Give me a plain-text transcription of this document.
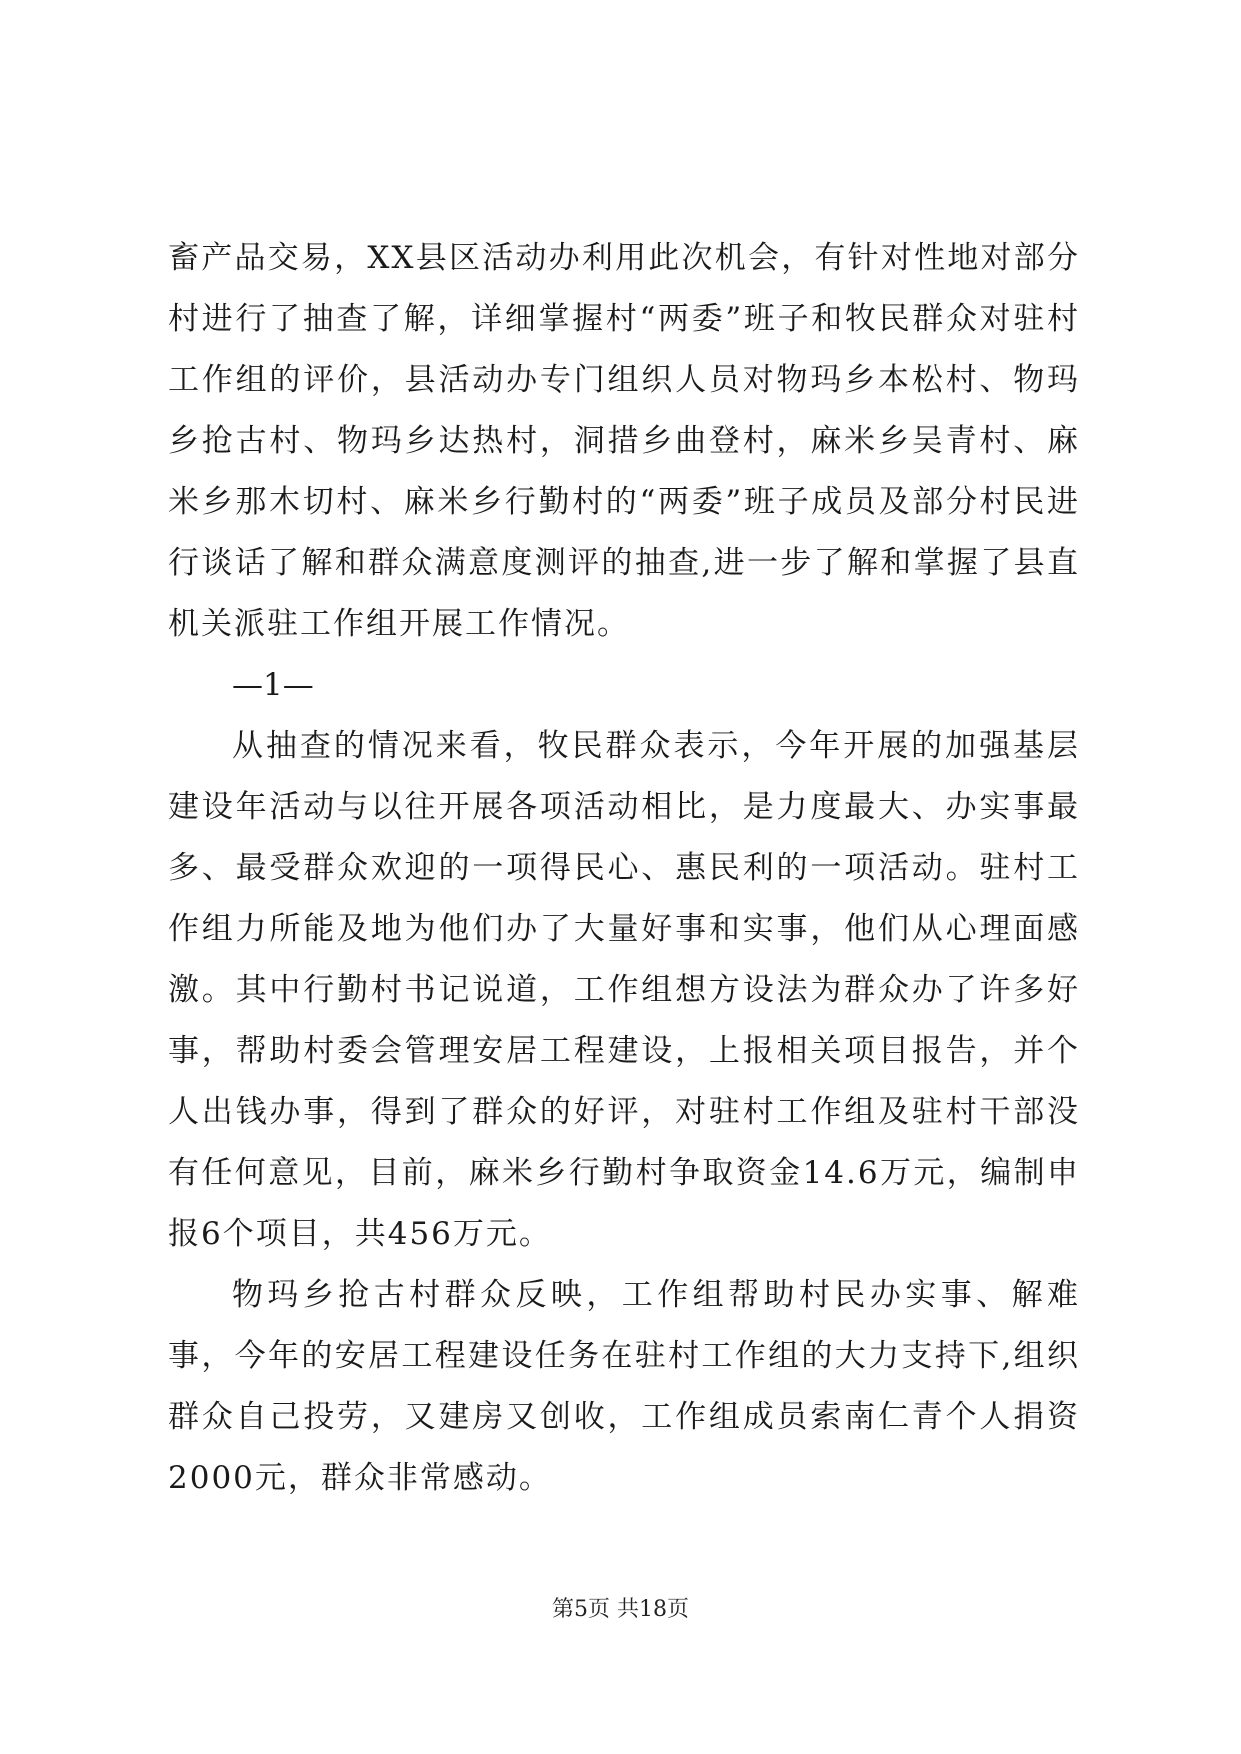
畜产品交易，XX县区活动办利用此次机会，有针对性地对部分村进行了抽查了解，详细掌握村“两委”班子和牧民群众对驻村工作组的评价，县活动办专门组织人员对物玛乡本松村、物玛乡抢古村、物玛乡达热村，洞措乡曲登村，麻米乡吴青村、麻米乡那木切村、麻米乡行勤村的“两委”班子成员及部分村民进行谈话了解和群众满意度测评的抽查,进一步了解和掌握了县直机关派驻工作组开展工作情况。

—1—

从抽查的情况来看，牧民群众表示，今年开展的加强基层建设年活动与以往开展各项活动相比，是力度最大、办实事最多、最受群众欢迎的一项得民心、惠民利的一项活动。驻村工作组力所能及地为他们办了大量好事和实事，他们从心理面感激。其中行勤村书记说道，工作组想方设法为群众办了许多好事，帮助村委会管理安居工程建设，上报相关项目报告，并个人出钱办事，得到了群众的好评，对驻村工作组及驻村干部没有任何意见，目前，麻米乡行勤村争取资金14.6万元，编制申报6个项目，共456万元。

物玛乡抢古村群众反映，工作组帮助村民办实事、解难事，今年的安居工程建设任务在驻村工作组的大力支持下,组织群众自己投劳，又建房又创收，工作组成员索南仁青个人捐资2000元，群众非常感动。

第5页 共18页
